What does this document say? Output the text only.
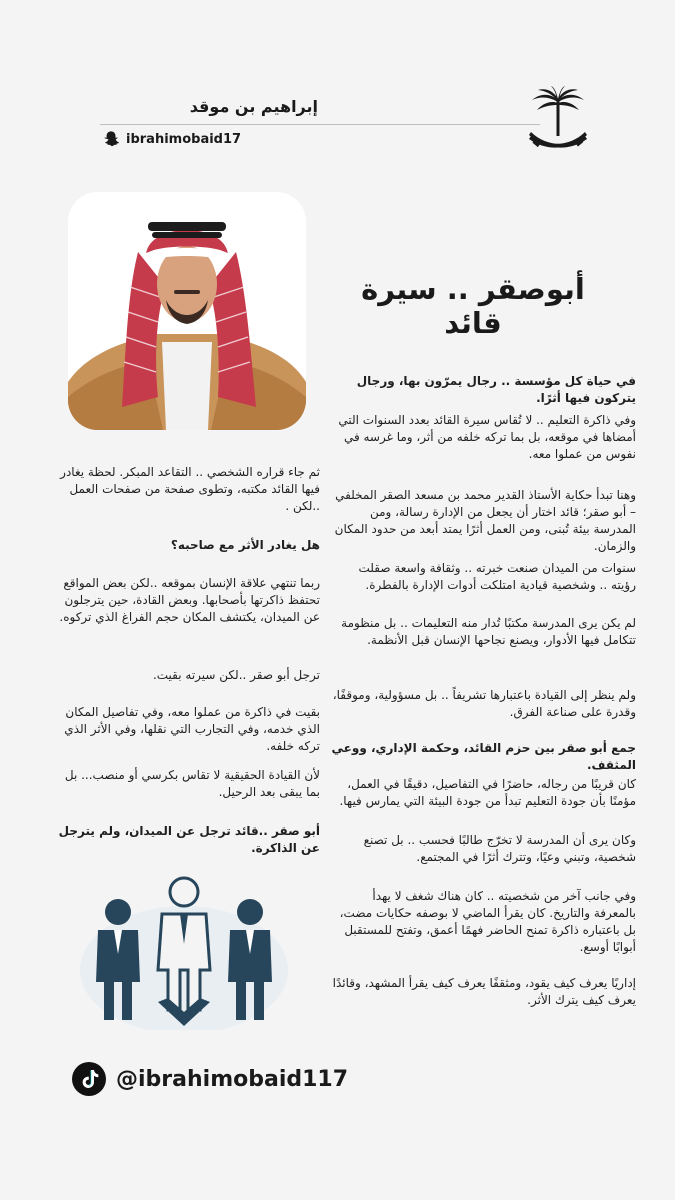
إبراهيم بن موقد
ibrahimobaid17
أبوصقر .. سيرة قائد
في حياة كل مؤسسة .. رجال يمرّون بها، ورجال يتركون فيها أثرًا.
وفي ذاكرة التعليم .. لا تُقاس سيرة القائد بعدد السنوات التي أمضاها في موقعه، بل بما تركه خلفه من أثر، وما غرسه في نفوس من عملوا معه.
وهنا تبدأ حكاية الأستاذ القدير محمد بن مسعد الصقر المخلفي – أبو صقر؛ قائد اختار أن يجعل من الإدارة رسالة، ومن المدرسة بيئة تُبنى، ومن العمل أثرًا يمتد أبعد من حدود المكان والزمان.
سنوات من الميدان صنعت خبرته .. وثقافة واسعة صقلت رؤيته .. وشخصية قيادية امتلكت أدوات الإدارة بالفطرة.
لم يكن يرى المدرسة مكتبًا تُدار منه التعليمات .. بل منظومة تتكامل فيها الأدوار، ويصنع نجاحها الإنسان قبل الأنظمة.
ولم ينظر إلى القيادة باعتبارها تشريفاً .. بل مسؤولية، وموقفًا، وقدرة على صناعة الفرق.
جمع أبو صقر بين حزم القائد، وحكمة الإداري، ووعي المثقف.
كان قريبًا من رجاله، حاضرًا في التفاصيل، دقيقًا في العمل، مؤمنًا بأن جودة التعليم تبدأ من جودة البيئة التي يمارس فيها.
وكان يرى أن المدرسة لا تخرّج طالبًا فحسب .. بل تصنع شخصية، وتبني وعيًا، وتترك أثرًا في المجتمع.
وفي جانب آخر من شخصيته .. كان هناك شغف لا يهدأ بالمعرفة والتاريخ. كان يقرأ الماضي لا بوصفه حكايات مضت، بل باعتباره ذاكرة تمنح الحاضر فهمًا أعمق، وتفتح للمستقبل أبوابًا أوسع.
إداريًا يعرف كيف يقود، ومثقفًا يعرف كيف يقرأ المشهد، وقائدًا يعرف كيف يترك الأثر.
ثم جاء قراره الشخصي .. التقاعد المبكر. لحظة يغادر فيها القائد مكتبه، وتطوى صفحة من صفحات العمل ..لكن .
هل يغادر الأثر مع صاحبه؟
ربما تنتهي علاقة الإنسان بموقعه ..لكن بعض المواقع تحتفظ ذاكرتها بأصحابها. وبعض القادة، حين يترجلون عن الميدان، يكتشف المكان حجم الفراغ الذي تركوه.
ترجل أبو صقر ..لكن سيرته بقيت.
بقيت في ذاكرة من عملوا معه، وفي تفاصيل المكان الذي خدمه، وفي التجارب التي نقلها، وفي الأثر الذي تركه خلفه.
لأن القيادة الحقيقية لا تقاس بكرسي أو منصب... بل بما يبقى بعد الرحيل.
أبو صقر ..قائد ترجل عن الميدان، ولم يترجل عن الذاكرة.
@ibrahimobaid117
